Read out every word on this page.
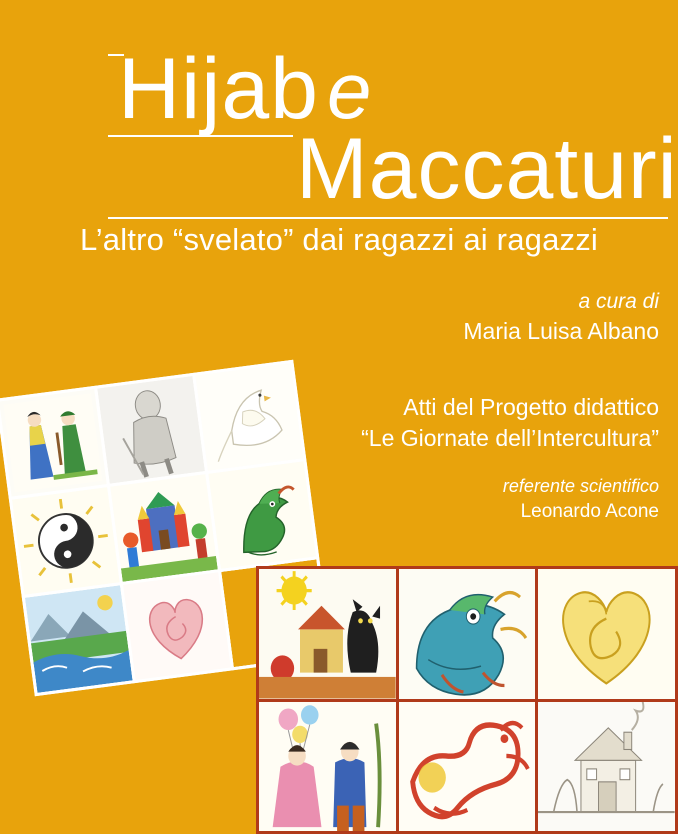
Hijab e
Maccaturi
L’altro “svelato” dai ragazzi ai ragazzi
a cura di
Maria Luisa Albano
Atti del Progetto didattico
“Le Giornate dell’Intercultura”
referente scientifico
Leonardo Acone
